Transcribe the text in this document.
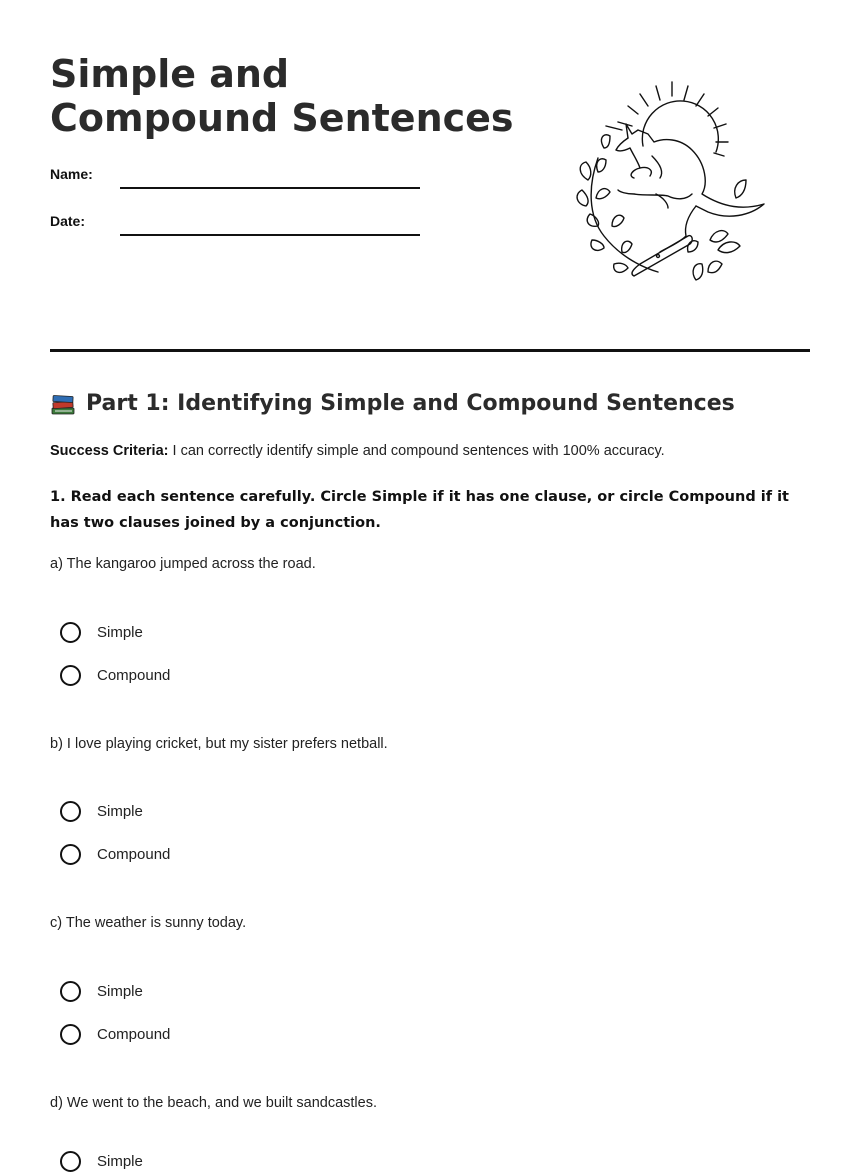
Simple and Compound Sentences
Name:
Date:
Part 1: Identifying Simple and Compound Sentences
Success Criteria: I can correctly identify simple and compound sentences with 100% accuracy.

1. Read each sentence carefully. Circle Simple if it has one clause, or circle Compound if it has two clauses joined by a conjunction.

a) The kangaroo jumped across the road.
Simple
Compound
b) I love playing cricket, but my sister prefers netball.
Simple
Compound
c) The weather is sunny today.
Simple
Compound
d) We went to the beach, and we built sandcastles.
Simple
